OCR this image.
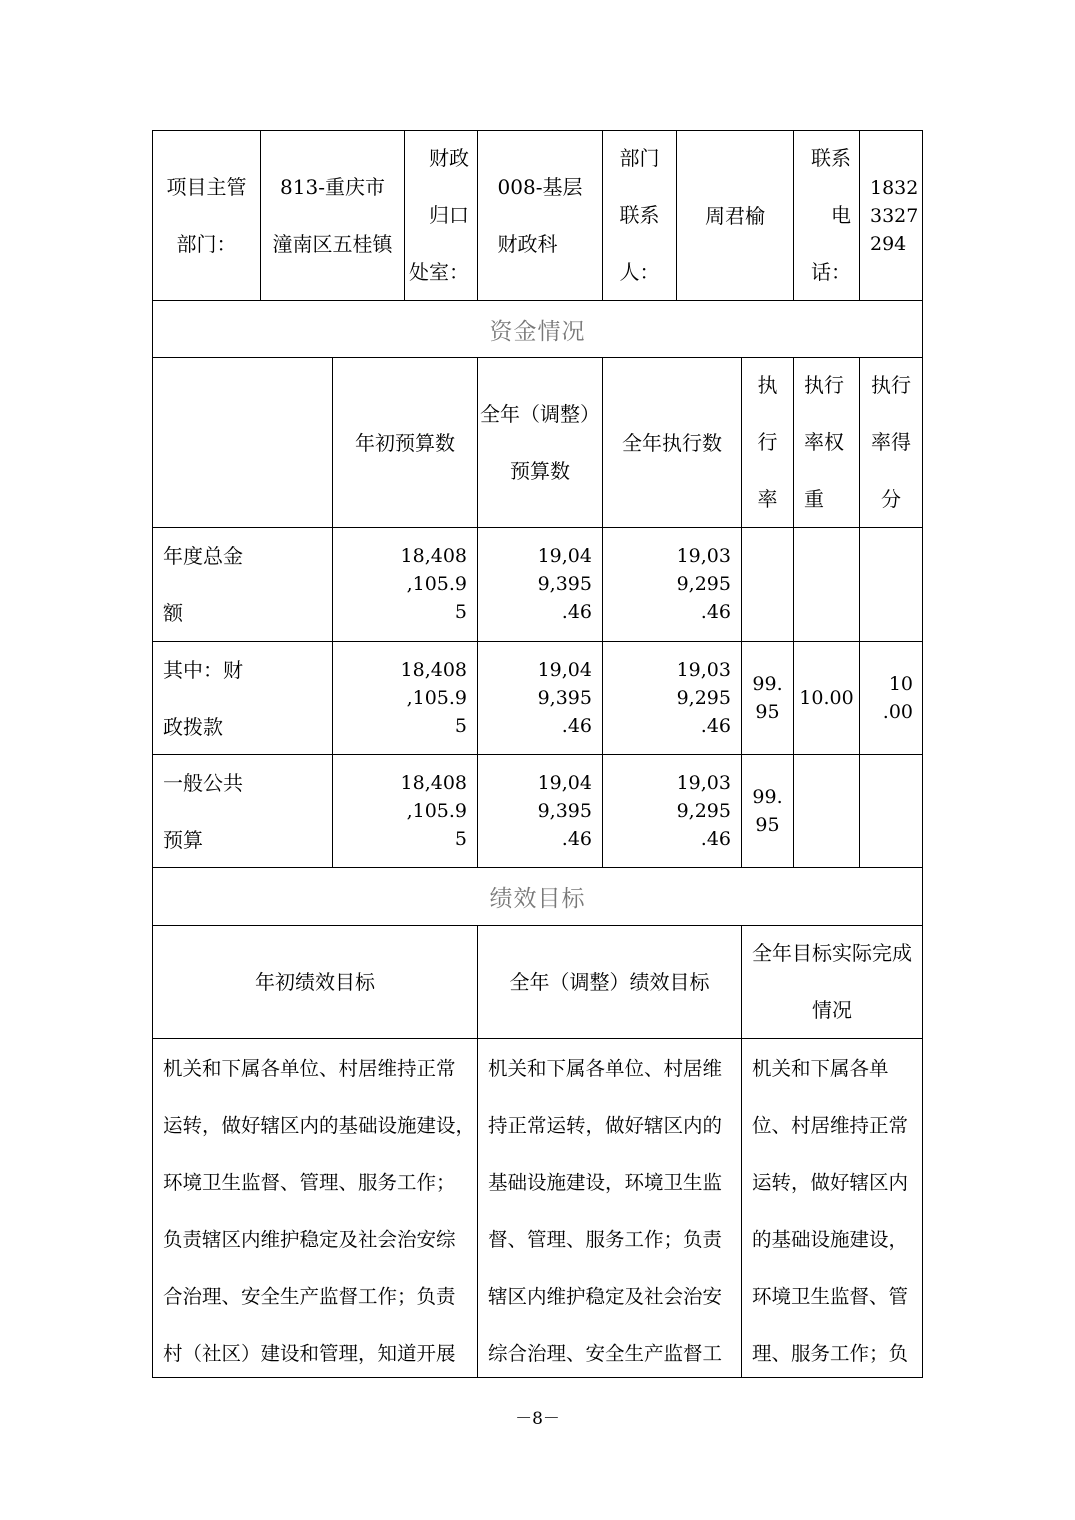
项目主管
部门：
813-重庆市
潼南区五桂镇
财政
归口
处室：
008-基层
财政科
部门
联系
人：
周君榆
联系
电
话：
1832
3327
294
资金情况
年初预算数
全年（调整）
预算数
全年执行数
执
行
率
执行
率权
重
执行
率得
分
年度总金
额
18,408
,105.9
5
19,04
9,395
.46
19,03
9,295
.46
其中：财
政拨款
18,408
,105.9
5
19,04
9,395
.46
19,03
9,295
.46
99.
95
10.00
10
.00
一般公共
预算
18,408
,105.9
5
19,04
9,395
.46
19,03
9,295
.46
99.
95
绩效目标
年初绩效目标	全年（调整）绩效目标
全年目标实际完成
情况
机关和下属各单位、村居维持正常
运转，做好辖区内的基础设施建设，
环境卫生监督、管理、服务工作；
负责辖区内维护稳定及社会治安综
合治理、安全生产监督工作；负责
村（社区）建设和管理，知道开展
机关和下属各单位、村居维
持正常运转，做好辖区内的
基础设施建设，环境卫生监
督、管理、服务工作；负责
辖区内维护稳定及社会治安
综合治理、安全生产监督工
机关和下属各单
位、村居维持正常
运转，做好辖区内
的基础设施建设，
环境卫生监督、管
理、服务工作；负
－8－
